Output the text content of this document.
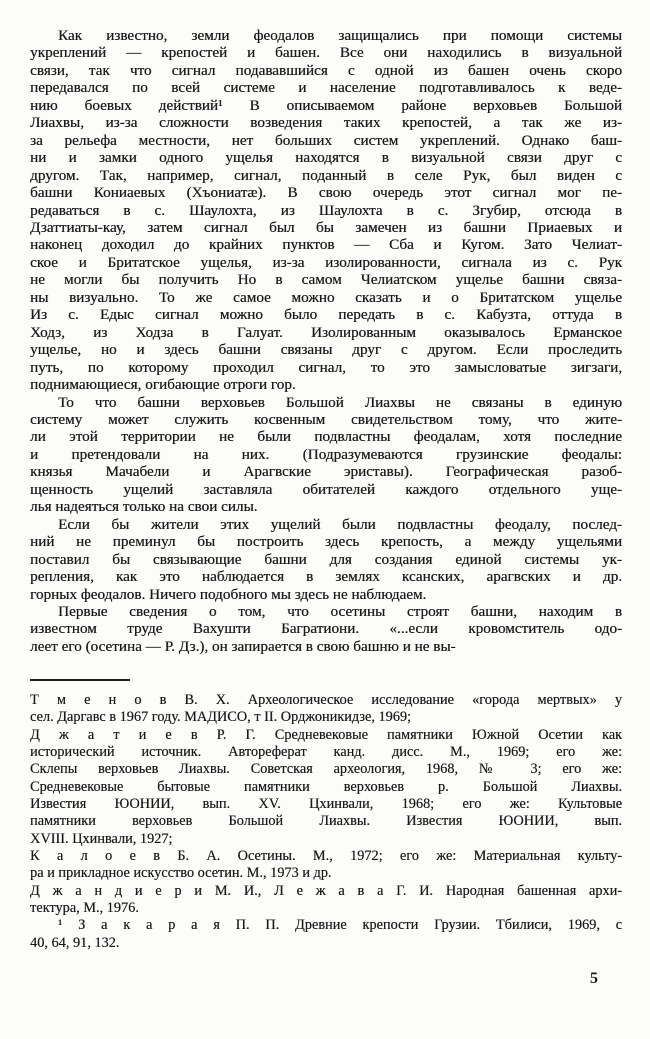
Как известно, земли феодалов защищались при помощи системы
укреплений — крепостей и башен. Все они находились в визуальной
связи, так что сигнал подававшийся с одной из башен очень скоро
передавался по всей системе и население подготавливалось к веде-
нию боевых действий¹ В описываемом районе верховьев Большой
Лиахвы, из-за сложности возведения таких крепостей, а так же из-
за рельефа местности, нет больших систем укреплений. Однако баш-
ни и замки одного ущелья находятся в визуальной связи друг с
другом. Так, например, сигнал, поданный в селе Рук, был виден с
башни Кониаевых (Хъониатæ). В свою очередь этот сигнал мог пе-
редаваться в с. Шаулохта, из Шаулохта в с. Згубир, отсюда в
Дзаттиаты-кау, затем сигнал был бы замечен из башни Приаевых и
наконец доходил до крайних пунктов — Сба и Кугом. Зато Челиат-
ское и Бритатское ущелья, из-за изолированности, сигнала из с. Рук
не могли бы получить Но в самом Челиатском ущелье башни связа-
ны визуально. То же самое можно сказать и о Бритатском ущелье
Из с. Едыс сигнал можно было передать в с. Кабузта, оттуда в
Ходз, из Ходза в Галуат. Изолированным оказывалось Ерманское
ущелье, но и здесь башни связаны друг с другом. Если проследить
путь, по которому проходил сигнал, то это замысловатые зигзаги,
поднимающиеся, огибающие отроги гор.
То что башни верховьев Большой Лиахвы не связаны в единую
систему может служить косвенным свидетельством тому, что жите-
ли этой территории не были подвластны феодалам, хотя последние
и претендовали на них. (Подразумеваются грузинские феодалы:
князья Мачабели и Арагвские эриставы). Географическая разоб-
щенность ущелий заставляла обитателей каждого отдельного уще-
лья надеяться только на свои силы.
Если бы жители этих ущелий были подвластны феодалу, послед-
ний не преминул бы построить здесь крепость, а между ущельями
поставил бы связывающие башни для создания единой системы ук-
репления, как это наблюдается в землях ксанских, арагвских и др.
горных феодалов. Ничего подобного мы здесь не наблюдаем.
Первые сведения о том, что осетины строят башни, находим в
известном труде Вахушти Багратиони. «...если кровомститель одо-
леет его (осетина — Р. Дз.), он запирается в свою башню и не вы-
Т м е н о в В. Х. Археологическое исследование «города мертвых» у
сел. Даргавс в 1967 году. МАДИСО, т II. Орджоникидзе, 1969;
Д ж а т и е в Р. Г. Средневековые памятники Южной Осетии как
исторический источник. Автореферат канд. дисс. М., 1969; его же:
Склепы верховьев Лиахвы. Советская археология, 1968, № 3; его же:
Средневековые бытовые памятники верховьев р. Большой Лиахвы.
Известия ЮОНИИ, вып. XV. Цхинвали, 1968; его же: Культовые
памятники верховьев Большой Лиахвы. Известия ЮОНИИ, вып.
XVIII. Цхинвали, 1927;
К а л о е в Б. А. Осетины. М., 1972; его же: Материальная культу-
ра и прикладное искусство осетин. М., 1973 и др.
Д ж а н д и е р и М. И., Л е ж а в а Г. И. Народная башенная архи-
тектура, М., 1976.
¹ З а к а р а я П. П. Древние крепости Грузии. Тбилиси, 1969, с
40, 64, 91, 132.
5
